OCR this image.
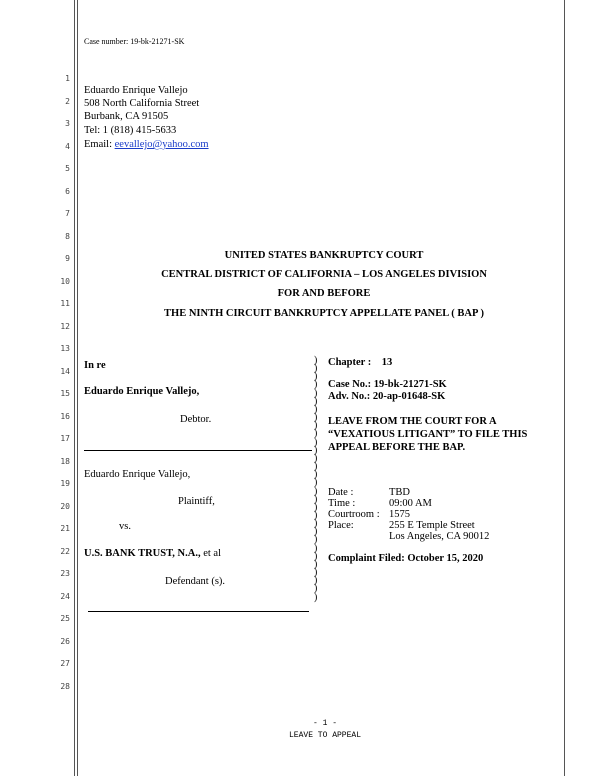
Case number: 19-bk-21271-SK
1
2
3
4
5
6
7
8
9
10
11
12
13
14
15
16
17
18
19
20
21
22
23
24
25
26
27
28
Eduardo Enrique Vallejo
508 North California Street
Burbank, CA 91505
Tel: 1 (818) 415-5633
Email: eevallejo@yahoo.com
UNITED STATES BANKRUPTCY COURT
CENTRAL DISTRICT OF CALIFORNIA – LOS ANGELES DIVISION
FOR AND BEFORE
THE NINTH CIRCUIT BANKRUPTCY APPELLATE PANEL ( BAP )
In re
Eduardo Enrique Vallejo,
Debtor.
Eduardo Enrique Vallejo,
Plaintiff,
vs.
U.S. BANK TRUST, N.A., et al
Defendant (s).
)
)
)
)
)
)
)
)
)
)
)
)
)
)
)
)
)
)
)
)
)
)
)
)
)
)
)
)
)
)
Chapter :    13
Case No.: 19-bk-21271-SK
Adv. No.: 20-ap-01648-SK
LEAVE FROM THE COURT FOR A
“VEXATIOUS LITIGANT” TO FILE THIS
APPEAL BEFORE THE BAP.
Date :	TBD
Time :	09:00 AM
Courtroom : 1575
Place:	255 E Temple Street
Los Angeles, CA 90012
Complaint Filed: October 15, 2020
- 1 -
LEAVE TO APPEAL
